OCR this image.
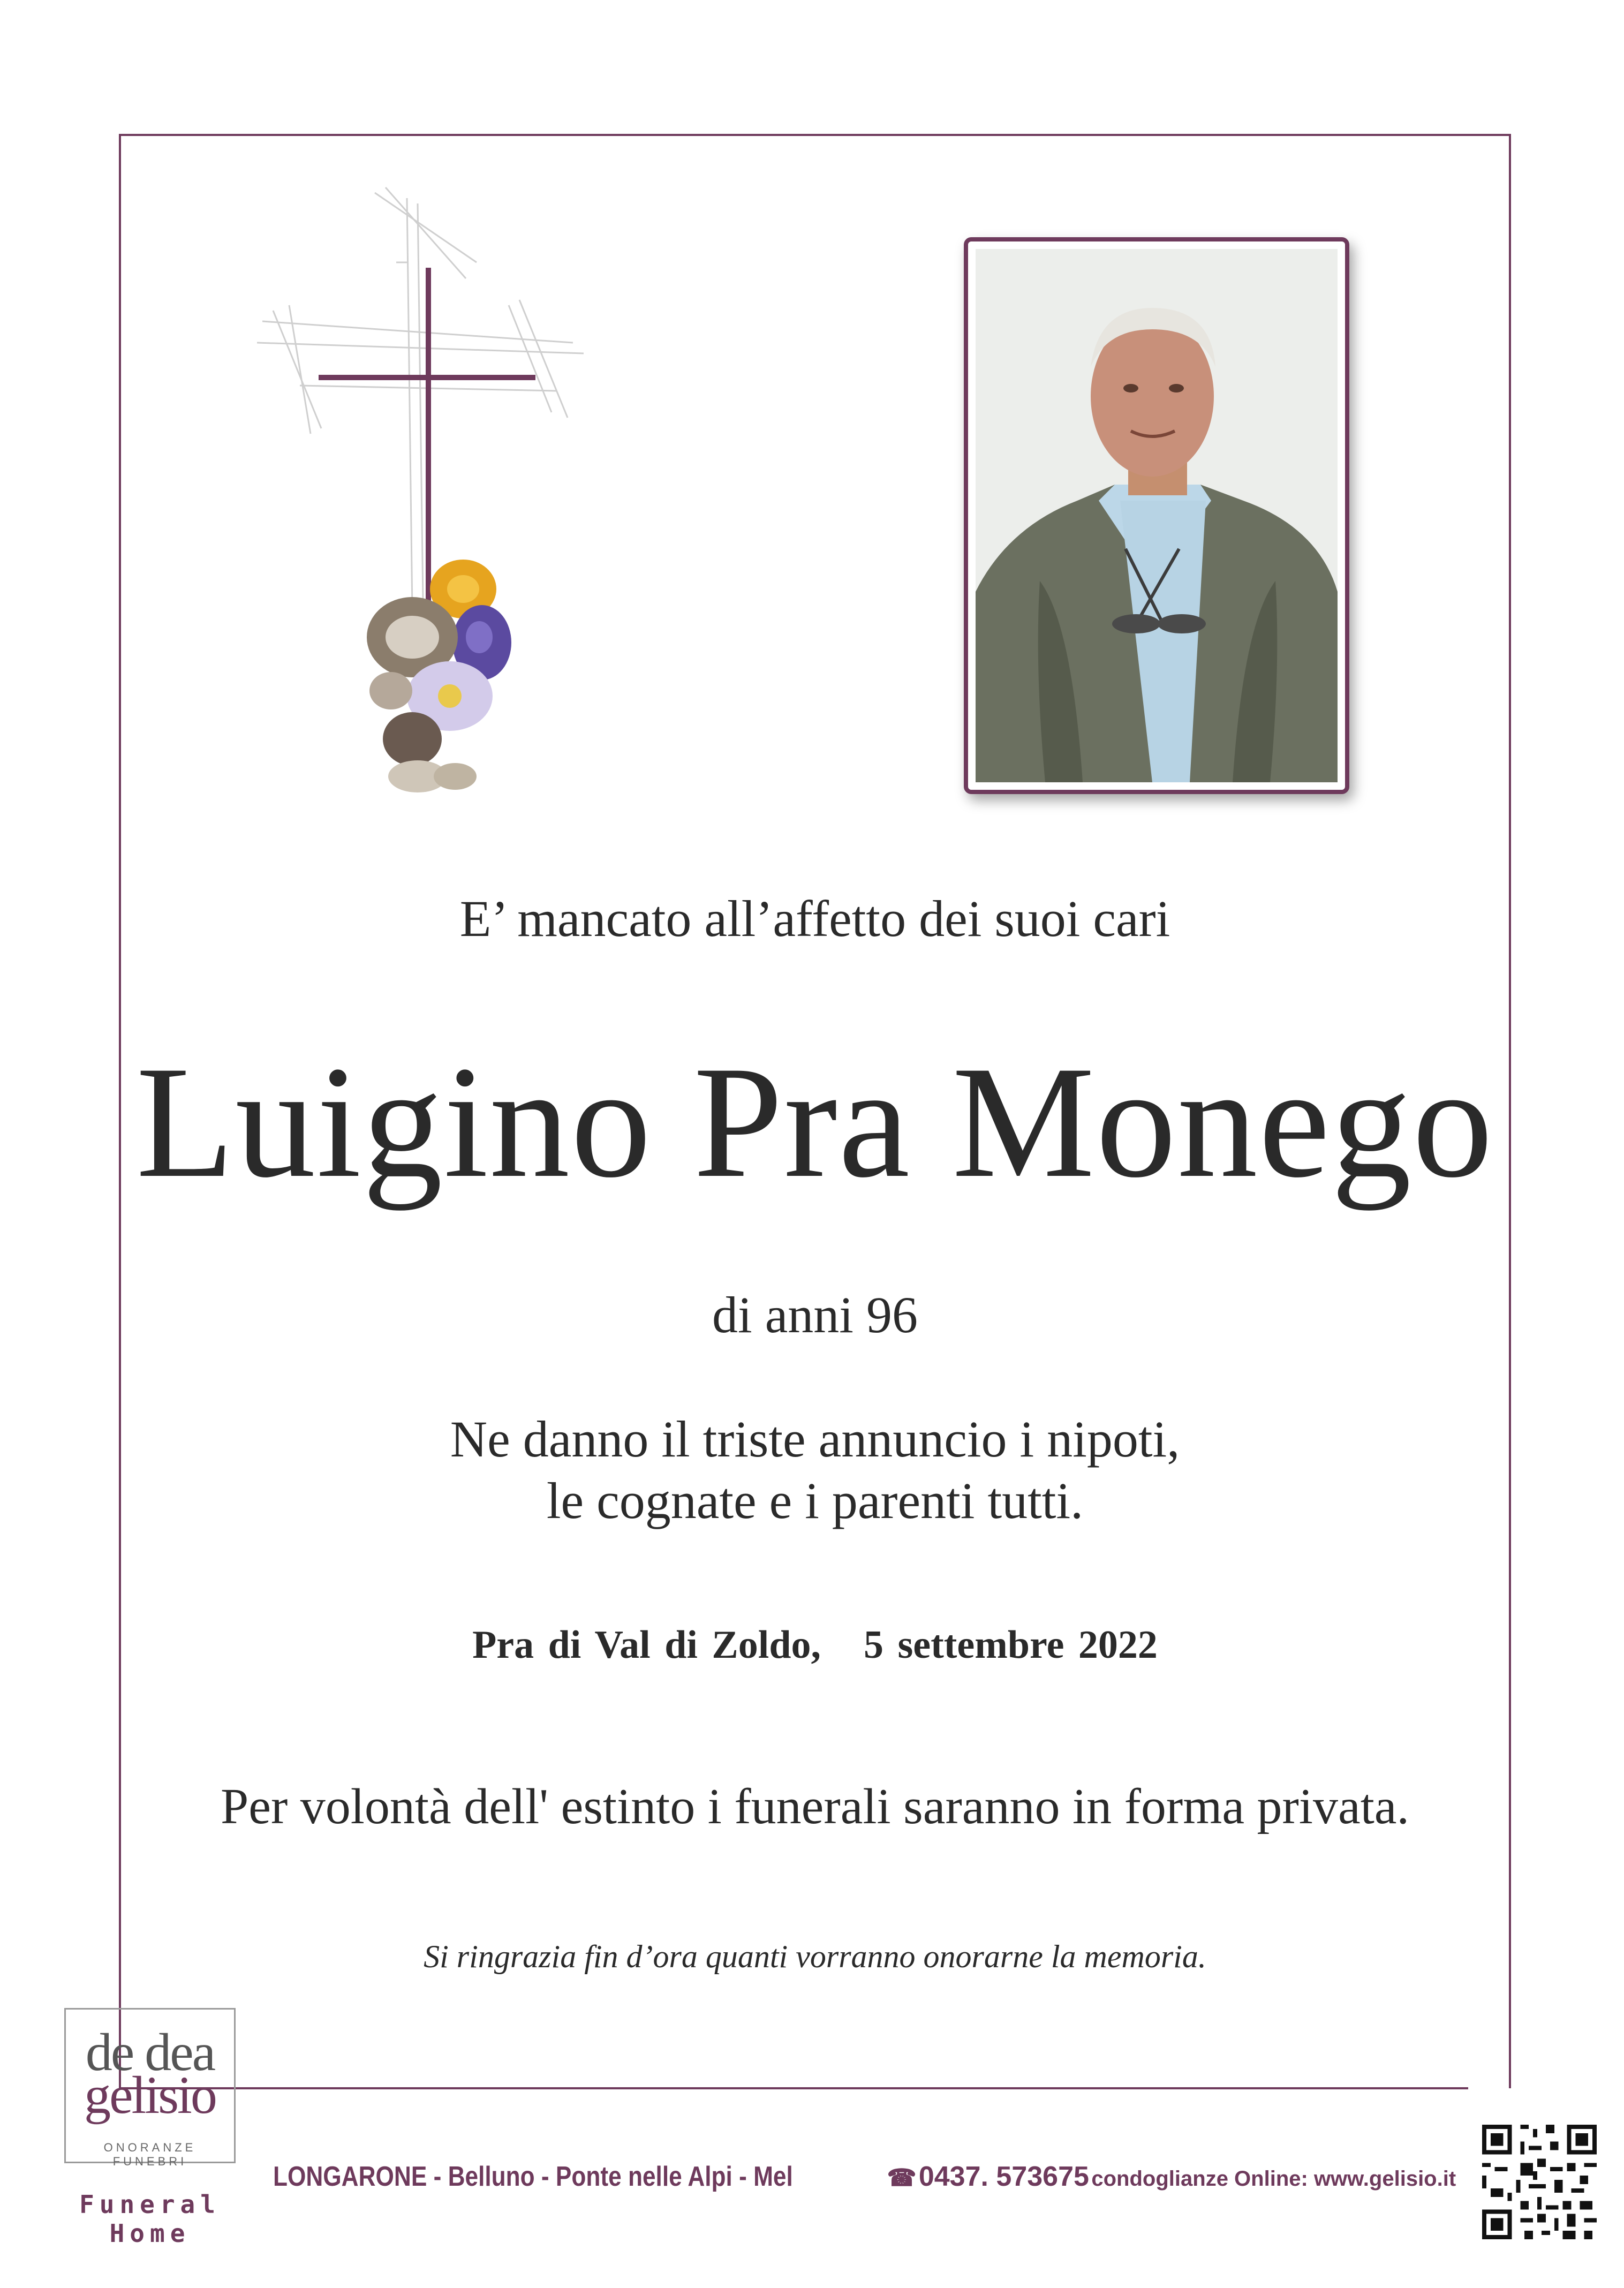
E’ mancato all’affetto dei suoi cari
Luigino Pra Monego
di anni 96
Ne danno il triste annuncio i nipoti,
le cognate e i parenti tutti.
Pra di Val di Zoldo, 5 settembre 2022
Per volontà dell' estinto i funerali saranno in forma privata.
Si ringrazia fin d’ora quanti vorranno onorarne la memoria.
de dea
gelisio
ONORANZE FUNEBRI
Funeral Home
LONGARONE - Belluno - Ponte nelle Alpi - Mel	☎ 0437. 573675 condoglianze Online: www.gelisio.it
